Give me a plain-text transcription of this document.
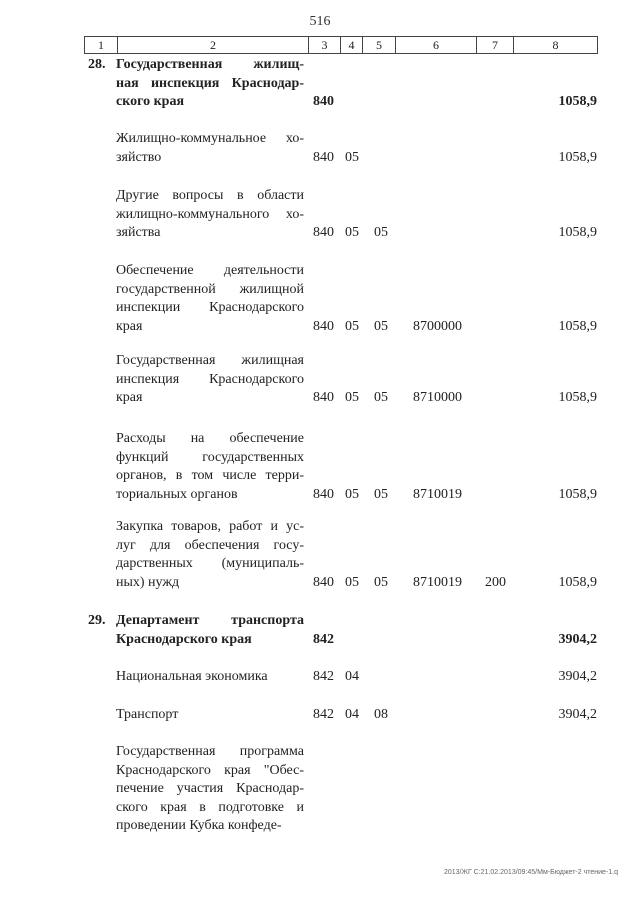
516
1	2	3	4	5	6	7	8
28. Государственная жилищ-
ная инспекция Краснодар-
ского края	840	1058,9
Жилищно-коммунальное хо-
зяйство	840 05	1058,9
Другие вопросы в области
жилищно-коммунального хо-
зяйства	840 05 05	1058,9
Обеспечение деятельности
государственной жилищной
инспекции Краснодарского
края	840 05 05 8700000	1058,9
Государственная жилищная
инспекция Краснодарского
края	840 05 05 8710000	1058,9
Расходы на обеспечение
функций государственных
органов, в том числе терри-
ториальных органов	840 05 05 8710019	1058,9
Закупка товаров, работ и ус-
луг для обеспечения госу-
дарственных (муниципаль-
ных) нужд	840 05 05 8710019 200	1058,9
29. Департамент транспорта
Краснодарского края	842	3904,2
Национальная экономика	842 04	3904,2
Транспорт	842 04 08	3904,2
Государственная программа
Краснодарского края "Обес-
печение участия Краснодар-
ского края в подготовке и
проведении Кубка конфеде-
2013/ЖГ С:21.02.2013/09:45/Мм-Бюджет-2 чтение-1.q
